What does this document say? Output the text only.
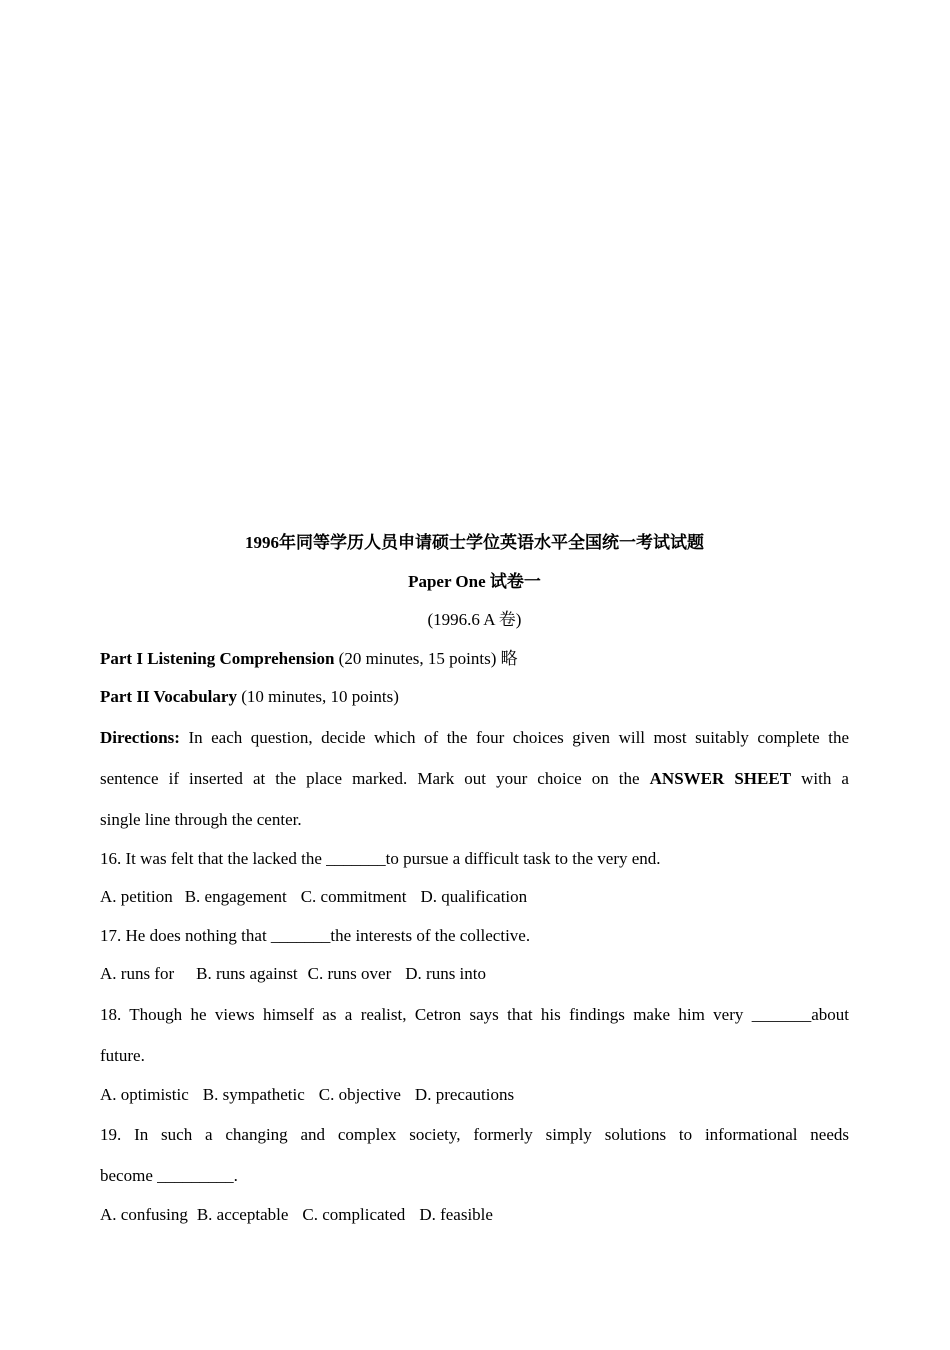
1996年同等学历人员申请硕士学位英语水平全国统一考试试题
Paper One 试卷一
(1996.6 A 卷)
Part I Listening Comprehension (20 minutes, 15 points) 略
Part II Vocabulary (10 minutes, 10 points)
Directions: In each question, decide which of the four choices given will most suitably complete the
sentence if inserted at the place marked. Mark out your choice on the ANSWER SHEET with a
single line through the center.
16. It was felt that the lacked the _______to pursue a difficult task to the very end.
A. petition B. engagement C. commitment D. qualification
17. He does nothing that _______the interests of the collective.
A. runs for B. runs against C. runs over D. runs into
18. Though he views himself as a realist, Cetron says that his findings make him very _______about
future.
A. optimistic B. sympathetic C. objective D. precautions
19. In such a changing and complex society, formerly simply solutions to informational needs
become _________.
A. confusing B. acceptable C. complicated D. feasible
